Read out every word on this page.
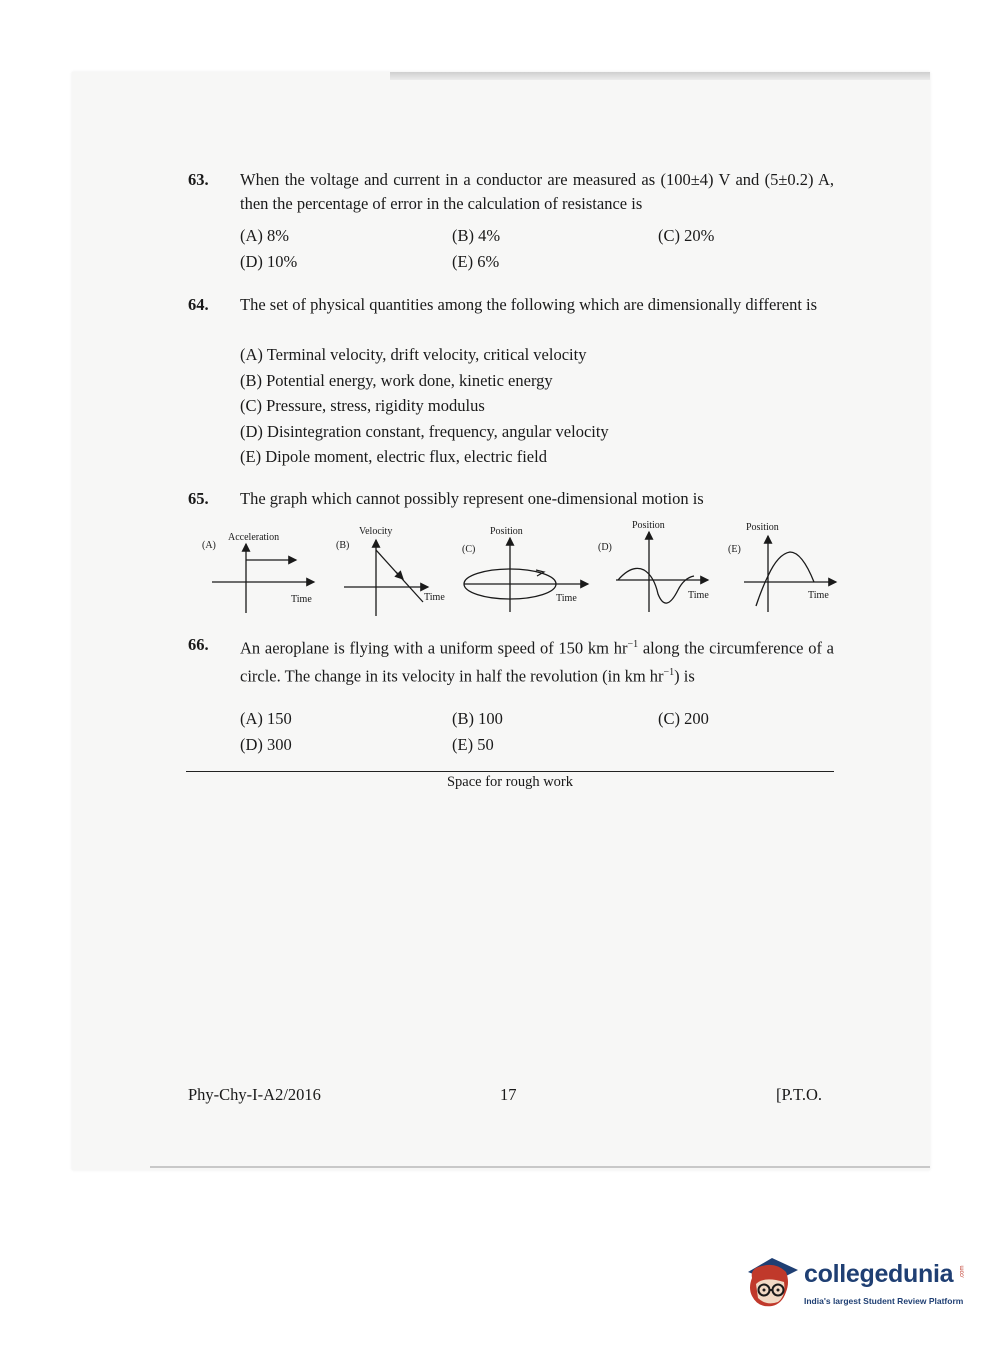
63. When the voltage and current in a conductor are measured as (100±4) V and (5±0.2) A, then the percentage of error in the calculation of resistance is
(A) 8%	(B) 4%	(C) 20%
(D) 10%	(E) 6%
64. The set of physical quantities among the following which are dimensionally different is
(A) Terminal velocity, drift velocity, critical velocity
(B) Potential energy, work done, kinetic energy
(C) Pressure, stress, rigidity modulus
(D) Disintegration constant, frequency, angular velocity
(E) Dipole moment, electric flux, electric field
65. The graph which cannot possibly represent one-dimensional motion is
(A)
Acceleration
Time
(B)
Velocity
Time
(C)
Position
Time
(D)
Position
Time
(E)
Position
Time
66. An aeroplane is flying with a uniform speed of 150 km $hr^{-1}$ along the circumference of a circle. The change in its velocity in half the revolution (in km $hr^{-1}$) is
(A) 150	(B) 100	(C) 200
(D) 300	(E) 50
Space for rough work
Phy-Chy-I-A2/2016	17	[P.T.O.
collegedunia .com
India's largest Student Review Platform
